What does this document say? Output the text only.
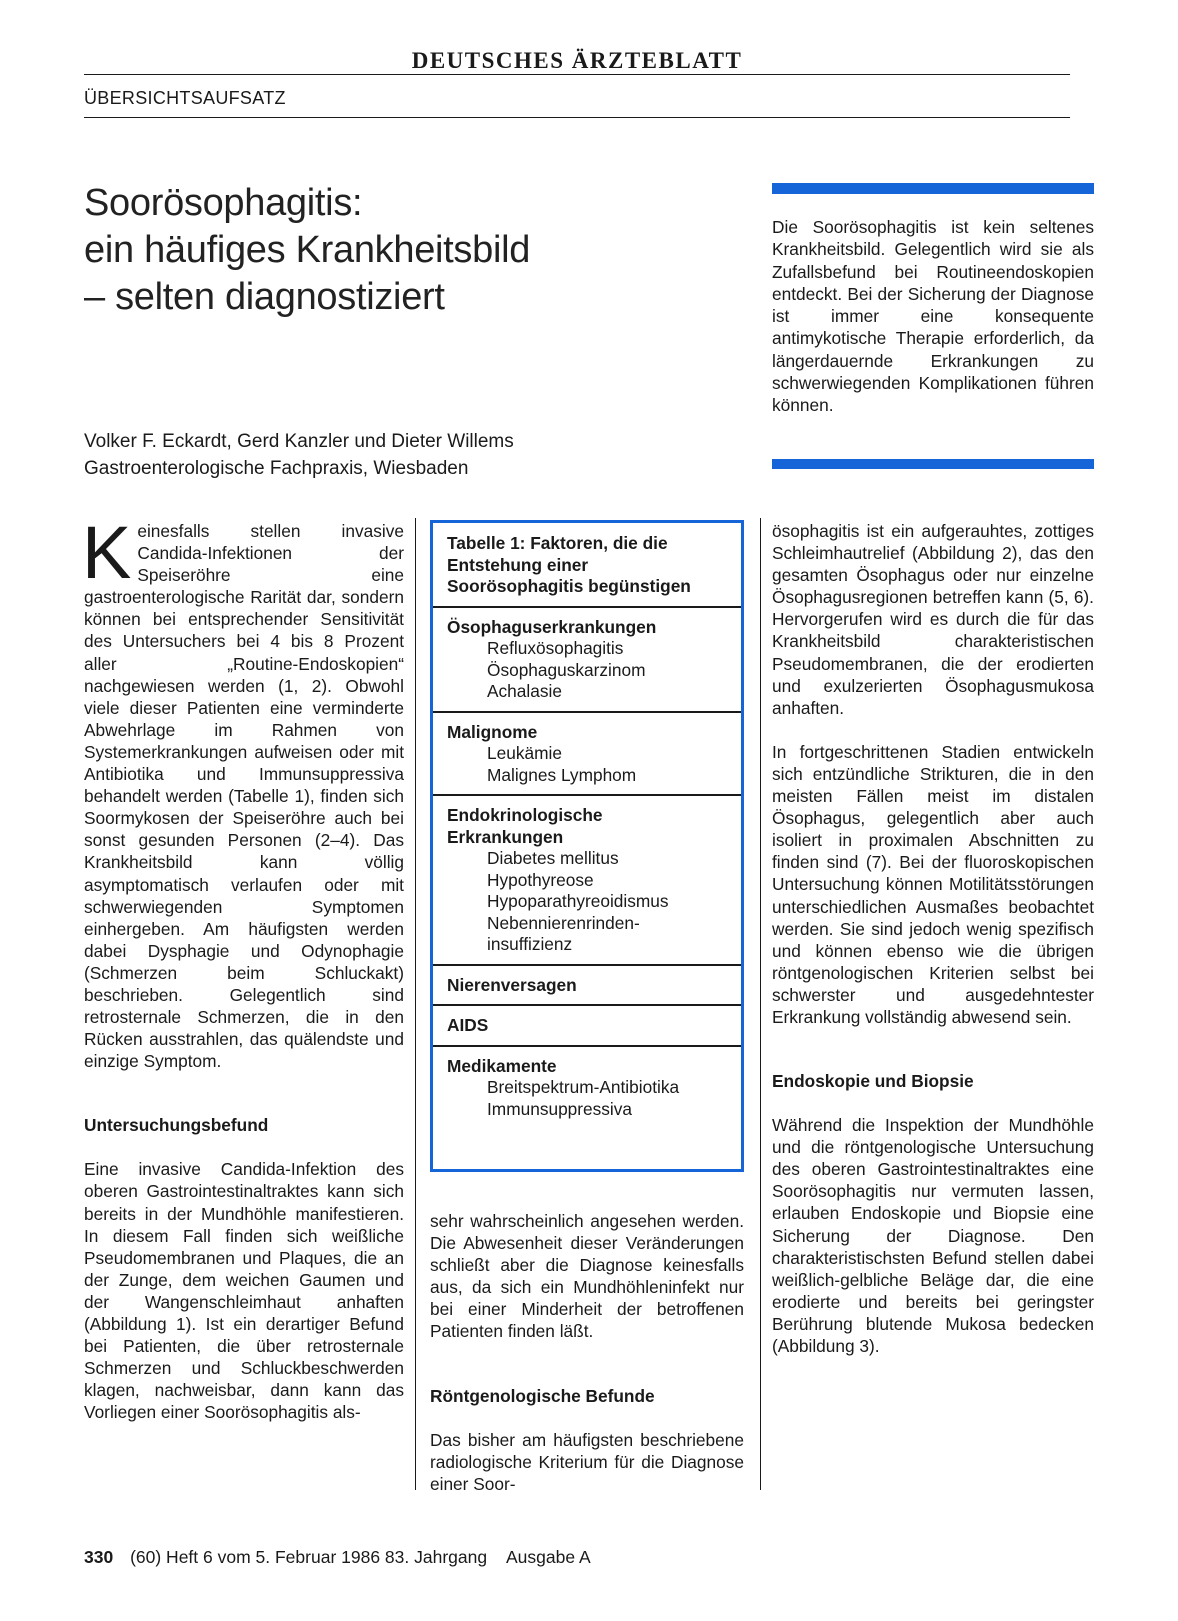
DEUTSCHES ÄRZTEBLATT
ÜBERSICHTSAUFSATZ
Soorösophagitis:
ein häufiges Krankheitsbild
– selten diagnostiziert
Volker F. Eckardt, Gerd Kanzler und Dieter Willems
Gastroenterologische Fachpraxis, Wiesbaden
Die Soorösophagitis ist kein seltenes Krankheitsbild. Gelegentlich wird sie als Zufallsbefund bei Routineendoskopien entdeckt. Bei der Sicherung der Diagnose ist immer eine konsequente antimykotische Therapie erforderlich, da längerdauernde Erkrankungen zu schwerwiegenden Komplikationen führen können.

Keinesfalls stellen invasive Candida-Infektionen der Speiseröhre eine gastroenterologische Rarität dar, sondern können bei entsprechender Sensitivität des Untersuchers bei 4 bis 8 Prozent aller „Routine-Endoskopien“ nachgewiesen werden (1, 2). Obwohl viele dieser Patienten eine verminderte Abwehrlage im Rahmen von Systemerkrankungen aufweisen oder mit Antibiotika und Immunsuppressiva behandelt werden (Tabelle 1), finden sich Soormykosen der Speiseröhre auch bei sonst gesunden Personen (2–4). Das Krankheitsbild kann völlig asymptomatisch verlaufen oder mit schwerwiegenden Symptomen einhergeben. Am häufigsten werden dabei Dysphagie und Odynophagie (Schmerzen beim Schluckakt) beschrieben. Gelegentlich sind retrosternale Schmerzen, die in den Rücken ausstrahlen, das quälendste und einzige Symptom.

Untersuchungsbefund

Eine invasive Candida-Infektion des oberen Gastrointestinaltraktes kann sich bereits in der Mundhöhle manifestieren. In diesem Fall finden sich weißliche Pseudomembranen und Plaques, die an der Zunge, dem weichen Gaumen und der Wangenschleimhaut anhaften (Abbildung 1). Ist ein derartiger Befund bei Patienten, die über retrosternale Schmerzen und Schluckbeschwerden klagen, nachweisbar, dann kann das Vorliegen einer Soorösophagitis als-

Tabelle 1: Faktoren, die die Entstehung einer Soorösophagitis begünstigen
Ösophaguserkrankungen
Refluxösophagitis
Ösophaguskarzinom
Achalasie
Malignome
Leukämie
Malignes Lymphom
Endokrinologische Erkrankungen
Diabetes mellitus
Hypothyreose
Hypoparathyreoidismus
Nebennierenrinden-insuffizienz
Nierenversagen
AIDS
Medikamente
Breitspektrum-Antibiotika
Immunsuppressiva

sehr wahrscheinlich angesehen werden. Die Abwesenheit dieser Veränderungen schließt aber die Diagnose keinesfalls aus, da sich ein Mundhöhleninfekt nur bei einer Minderheit der betroffenen Patienten finden läßt.

Röntgenologische Befunde

Das bisher am häufigsten beschriebene radiologische Kriterium für die Diagnose einer Soor-

ösophagitis ist ein aufgerauhtes, zottiges Schleimhautrelief (Abbildung 2), das den gesamten Ösophagus oder nur einzelne Ösophagusregionen betreffen kann (5, 6). Hervorgerufen wird es durch die für das Krankheitsbild charakteristischen Pseudomembranen, die der erodierten und exulzerierten Ösophagusmukosa anhaften.

In fortgeschrittenen Stadien entwickeln sich entzündliche Strikturen, die in den meisten Fällen meist im distalen Ösophagus, gelegentlich aber auch isoliert in proximalen Abschnitten zu finden sind (7). Bei der fluoroskopischen Untersuchung können Motilitätsstörungen unterschiedlichen Ausmaßes beobachtet werden. Sie sind jedoch wenig spezifisch und können ebenso wie die übrigen röntgenologischen Kriterien selbst bei schwerster und ausgedehntester Erkrankung vollständig abwesend sein.

Endoskopie und Biopsie

Während die Inspektion der Mundhöhle und die röntgenologische Untersuchung des oberen Gastrointestinaltraktes eine Soorösophagitis nur vermuten lassen, erlauben Endoskopie und Biopsie eine Sicherung der Diagnose. Den charakteristischsten Befund stellen dabei weißlich-gelbliche Beläge dar, die eine erodierte und bereits bei geringster Berührung blutende Mukosa bedecken (Abbildung 3).

330 (60) Heft 6 vom 5. Februar 1986 83. Jahrgang Ausgabe A
